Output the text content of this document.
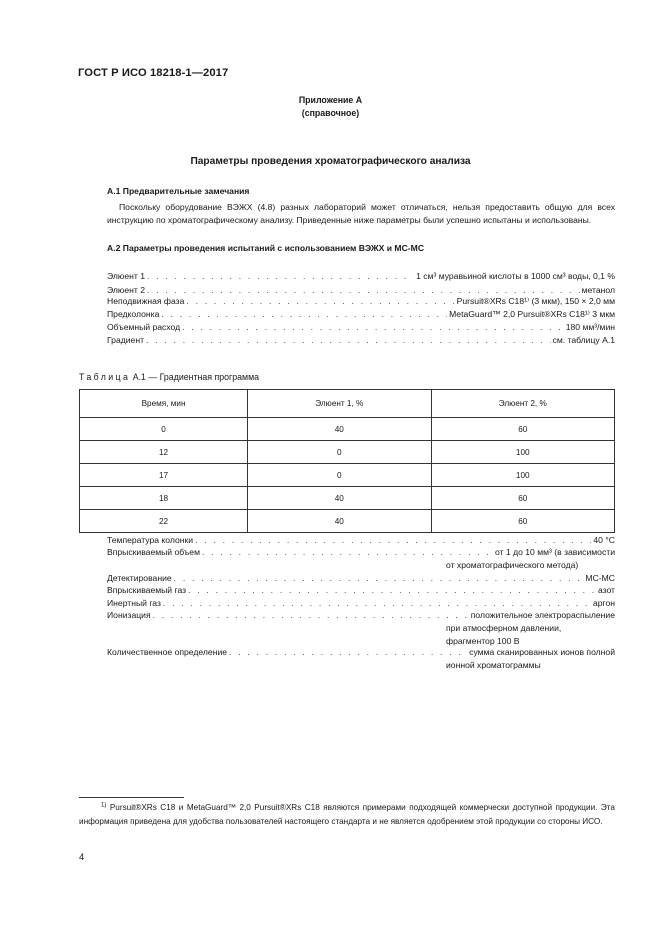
ГОСТ Р ИСО 18218-1—2017
Приложение А
(справочное)
Параметры проведения хроматографического анализа
А.1 Предварительные замечания
Поскольку оборудование ВЭЖХ (4.8) разных лабораторий может отличаться, нельзя предоставить общую для всех инструкцию по хроматографическому анализу. Приведенные ниже параметры были успешно испытаны и использованы.
А.2 Параметры проведения испытаний с использованием ВЭЖХ и МС-МС
Элюент 1 . . .	1 см³ муравьиной кислоты в 1000 см³ воды, 0,1 %
Элюент 2 . . .	метанол
Неподвижная фаза . . .	Pursuit®XRs C18¹⁾ (3 мкм), 150 × 2,0 мм
Предколонка . . .	MetaGuard™ 2,0 Pursuit®XRs C18¹⁾ 3 мкм
Объемный расход . . .	180 мм³/мин
Градиент . . .	см. таблицу А.1
Таблица А.1 — Градиентная программа
Время, мин	Элюент 1, %	Элюент 2, %
0	40	60
12	0	100
17	0	100
18	40	60
22	40	60
Температура колонки . . .	40 °С
Впрыскиваемый объем . . .	от 1 до 10 мм³ (в зависимости
от хроматографического метода)
Детектирование . . .	МС-МС
Впрыскиваемый газ . . .	азот
Инертный газ . . .	аргон
Ионизация . . .	положительное электрораспыление
при атмосферном давлении,
фрагментор 100 В
Количественное определение . . .	сумма сканированных ионов полной
ионной хроматограммы
$^{1)}$ Pursuit®XRs C18 и MetaGuard™ 2,0 Pursuit®XRs C18 являются примерами подходящей коммерчески доступной продукции. Эта информация приведена для удобства пользователей настоящего стандарта и не является одобрением этой продукции со стороны ИСО.
4
